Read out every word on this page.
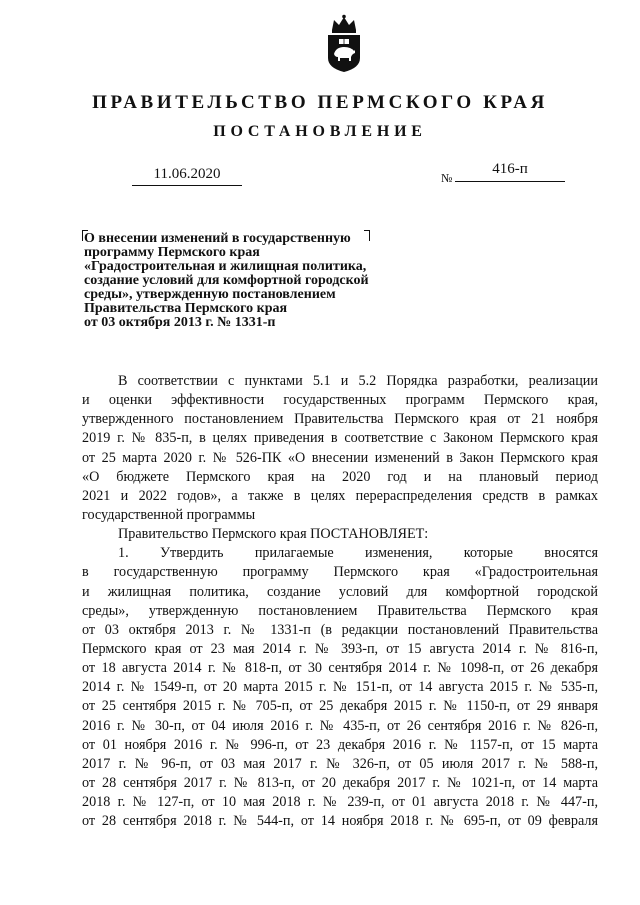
ПРАВИТЕЛЬСТВО ПЕРМСКОГО КРАЯ
ПОСТАНОВЛЕНИЕ
11.06.2020	№
416-п
О внесении изменений в государственную
программу Пермского края
«Градостроительная и жилищная политика,
создание условий для комфортной городской
среды», утвержденную постановлением
Правительства Пермского края
от 03 октября 2013 г. № 1331-п
В соответствии с пунктами 5.1 и 5.2 Порядка разработки, реализации
и оценки эффективности государственных программ Пермского края,
утвержденного постановлением Правительства Пермского края от 21 ноября
2019 г. № 835-п, в целях приведения в соответствие с Законом Пермского края
от 25 марта 2020 г. № 526-ПК «О внесении изменений в Закон Пермского края
«О бюджете Пермского края на 2020 год и на плановый период
2021 и 2022 годов», а также в целях перераспределения средств в рамках
государственной программы
Правительство Пермского края ПОСТАНОВЛЯЕТ:
1. Утвердить прилагаемые изменения, которые вносятся
в государственную программу Пермского края «Градостроительная
и жилищная политика, создание условий для комфортной городской
среды», утвержденную постановлением Правительства Пермского края
от 03 октября 2013 г. № 1331-п (в редакции постановлений Правительства
Пермского края от 23 мая 2014 г. № 393-п, от 15 августа 2014 г. № 816-п,
от 18 августа 2014 г. № 818-п, от 30 сентября 2014 г. № 1098-п, от 26 декабря
2014 г. № 1549-п, от 20 марта 2015 г. № 151-п, от 14 августа 2015 г. № 535-п,
от 25 сентября 2015 г. № 705-п, от 25 декабря 2015 г. № 1150-п, от 29 января
2016 г. № 30-п, от 04 июля 2016 г. № 435-п, от 26 сентября 2016 г. № 826-п,
от 01 ноября 2016 г. № 996-п, от 23 декабря 2016 г. № 1157-п, от 15 марта
2017 г. № 96-п, от 03 мая 2017 г. № 326-п, от 05 июля 2017 г. № 588-п,
от 28 сентября 2017 г. № 813-п, от 20 декабря 2017 г. № 1021-п, от 14 марта
2018 г. № 127-п, от 10 мая 2018 г. № 239-п, от 01 августа 2018 г. № 447-п,
от 28 сентября 2018 г. № 544-п, от 14 ноября 2018 г. № 695-п, от 09 февраля
